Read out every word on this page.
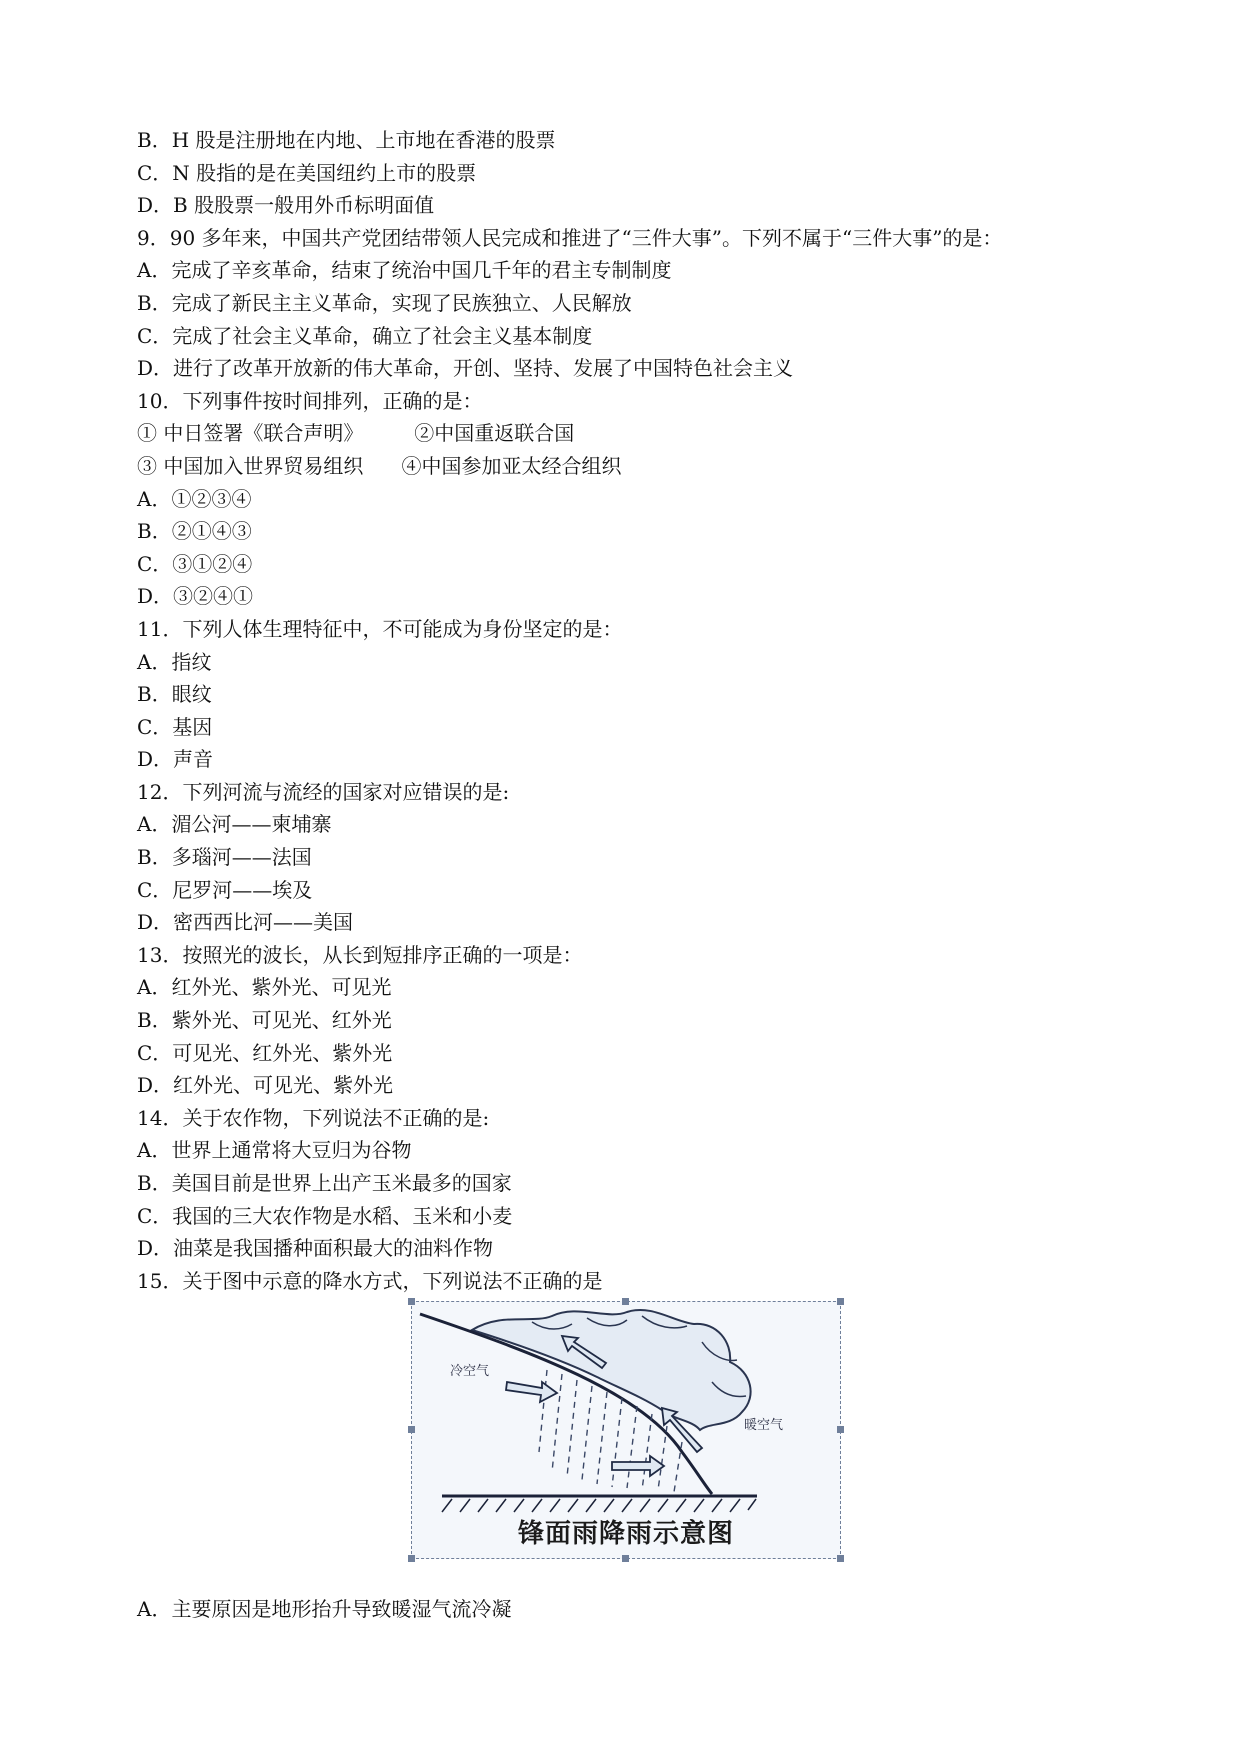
B．H 股是注册地在内地、上市地在香港的股票
C．N 股指的是在美国纽约上市的股票
D．B 股股票一般用外币标明面值
9．90 多年来，中国共产党团结带领人民完成和推进了“三件大事”。下列不属于“三件大事”的是：
A．完成了辛亥革命，结束了统治中国几千年的君主专制制度
B．完成了新民主主义革命，实现了民族独立、人民解放
C．完成了社会主义革命，确立了社会主义基本制度
D．进行了改革开放新的伟大革命，开创、坚持、发展了中国特色社会主义
10．下列事件按时间排列，正确的是：
① 中日签署《联合声明》        ②中国重返联合国
③ 中国加入世界贸易组织      ④中国参加亚太经合组织
A．①②③④
B．②①④③
C．③①②④
D．③②④①
11．下列人体生理特征中，不可能成为身份坚定的是：
A．指纹
B．眼纹
C．基因
D．声音
12．下列河流与流经的国家对应错误的是:
A．湄公河——柬埔寨
B．多瑙河——法国
C．尼罗河——埃及
D．密西西比河——美国
13．按照光的波长，从长到短排序正确的一项是：
A．红外光、紫外光、可见光
B．紫外光、可见光、红外光
C．可见光、红外光、紫外光
D．红外光、可见光、紫外光
14．关于农作物，下列说法不正确的是:
A．世界上通常将大豆归为谷物
B．美国目前是世界上出产玉米最多的国家
C．我国的三大农作物是水稻、玉米和小麦
D．油菜是我国播种面积最大的油料作物
15．关于图中示意的降水方式，下列说法不正确的是
冷空气
暖空气
锋面雨降雨示意图
A．主要原因是地形抬升导致暖湿气流冷凝
